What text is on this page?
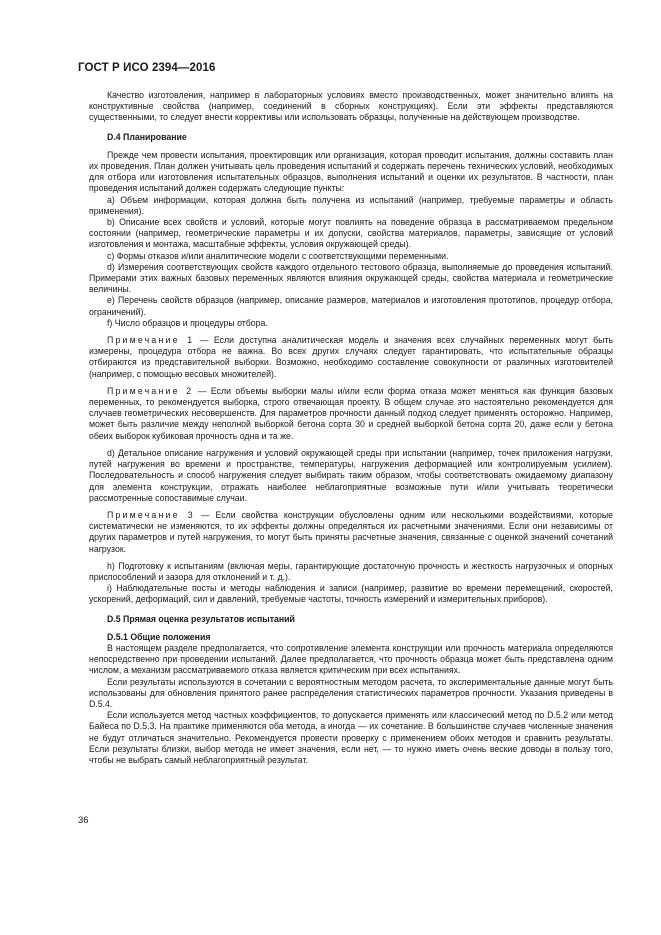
ГОСТ Р ИСО 2394—2016

Качество изготовления, например в лабораторных условиях вместо производственных, может значительно влиять на конструктивные свойства (например, соединений в сборных конструкциях). Если эти эффекты представляются существенными, то следует внести коррективы или использовать образцы, полученные на действующем производстве.

D.4 Планирование

Прежде чем провести испытания, проектировщик или организация, которая проводит испытания, должны составить план их проведения. План должен учитывать цель проведения испытаний и содержать перечень технических условий, необходимых для отбора или изготовления испытательных образцов, выполнения испытаний и оценки их результатов. В частности, план проведения испытаний должен содержать следующие пункты:

a) Объем информации, которая должна быть получена из испытаний (например, требуемые параметры и область применения).

b) Описание всех свойств и условий, которые могут повлиять на поведение образца в рассматриваемом предельном состоянии (например, геометрические параметры и их допуски, свойства материалов, параметры, зависящие от условий изготовления и монтажа, масштабные эффекты, условия окружающей среды).

c) Формы отказов и/или аналитические модели с соответствующими переменными.

d) Измерения соответствующих свойств каждого отдельного тестового образца, выполняемые до проведения испытаний. Примерами этих важных базовых переменных являются влияния окружающей среды, свойства материала и геометрические величины.

e) Перечень свойств образцов (например, описание размеров, материалов и изготовления прототипов, процедур отбора, ограничений).

f) Число образцов и процедуры отбора.

Примечание 1 — Если доступна аналитическая модель и значения всех случайных переменных могут быть измерены, процедура отбора не важна. Во всех других случаях следует гарантировать, что испытательные образцы отбираются из представительной выборки. Возможно, необходимо составление совокупности от различных изготовителей (например, с помощью весовых множителей).

Примечание 2 — Если объемы выборки малы и/или если форма отказа может меняться как функция базовых переменных, то рекомендуется выборка, строго отвечающая проекту. В общем случае это настоятельно рекомендуется для случаев геометрических несовершенств. Для параметров прочности данный подход следует применять осторожно. Например, может быть различие между неполной выборкой бетона сорта 30 и средней выборкой бетона сорта 20, даже если у бетона обеих выборок кубиковая прочность одна и та же.

d) Детальное описание нагружения и условий окружающей среды при испытании (например, точек приложения нагрузки, путей нагружения во времени и пространстве, температуры, нагружения деформацией или контролируемым усилием). Последовательность и способ нагружения следует выбирать таким образом, чтобы соответствовать ожидаемому диапазону для элемента конструкции, отражать наиболее неблагоприятные возможные пути и/или учитывать теоретически рассмотренные сопоставимые случаи.

Примечание 3 — Если свойства конструкции обусловлены одним или несколькими воздействиями, которые систематически не изменяются, то их эффекты должны определяться их расчетными значениями. Если они независимы от других параметров и путей нагружения, то могут быть приняты расчетные значения, связанные с оценкой значений сочетаний нагрузок.

h) Подготовку к испытаниям (включая меры, гарантирующие достаточную прочность и жесткость нагрузочных и опорных приспособлений и зазора для отклонений и т. д.).

i) Наблюдательные посты и методы наблюдения и записи (например, развитие во времени перемещений, скоростей, ускорений, деформаций, сил и давлений, требуемые частоты, точность измерений и измерительных приборов).

D.5 Прямая оценка результатов испытаний

D.5.1 Общие положения

В настоящем разделе предполагается, что сопротивление элемента конструкции или прочность материала определяются непосредственно при проведении испытаний. Далее предполагается, что прочность образца может быть представлена одним числом, а механизм рассматриваемого отказа является критическим при всех испытаниях.

Если результаты используются в сочетании с вероятностным методом расчета, то экспериментальные данные могут быть использованы для обновления принятого ранее распределения статистических параметров прочности. Указания приведены в D.5.4.

Если используется метод частных коэффициентов, то допускается применять или классический метод по D.5.2 или метод Байеса по D.5.3. На практике применяются оба метода, а иногда — их сочетание. В большинстве случаев численные значения не будут отличаться значительно. Рекомендуется провести проверку с применением обоих методов и сравнить результаты. Если результаты близки, выбор метода не имеет значения, если нет, — то нужно иметь очень веские доводы в пользу того, чтобы не выбрать самый неблагоприятный результат.

36
